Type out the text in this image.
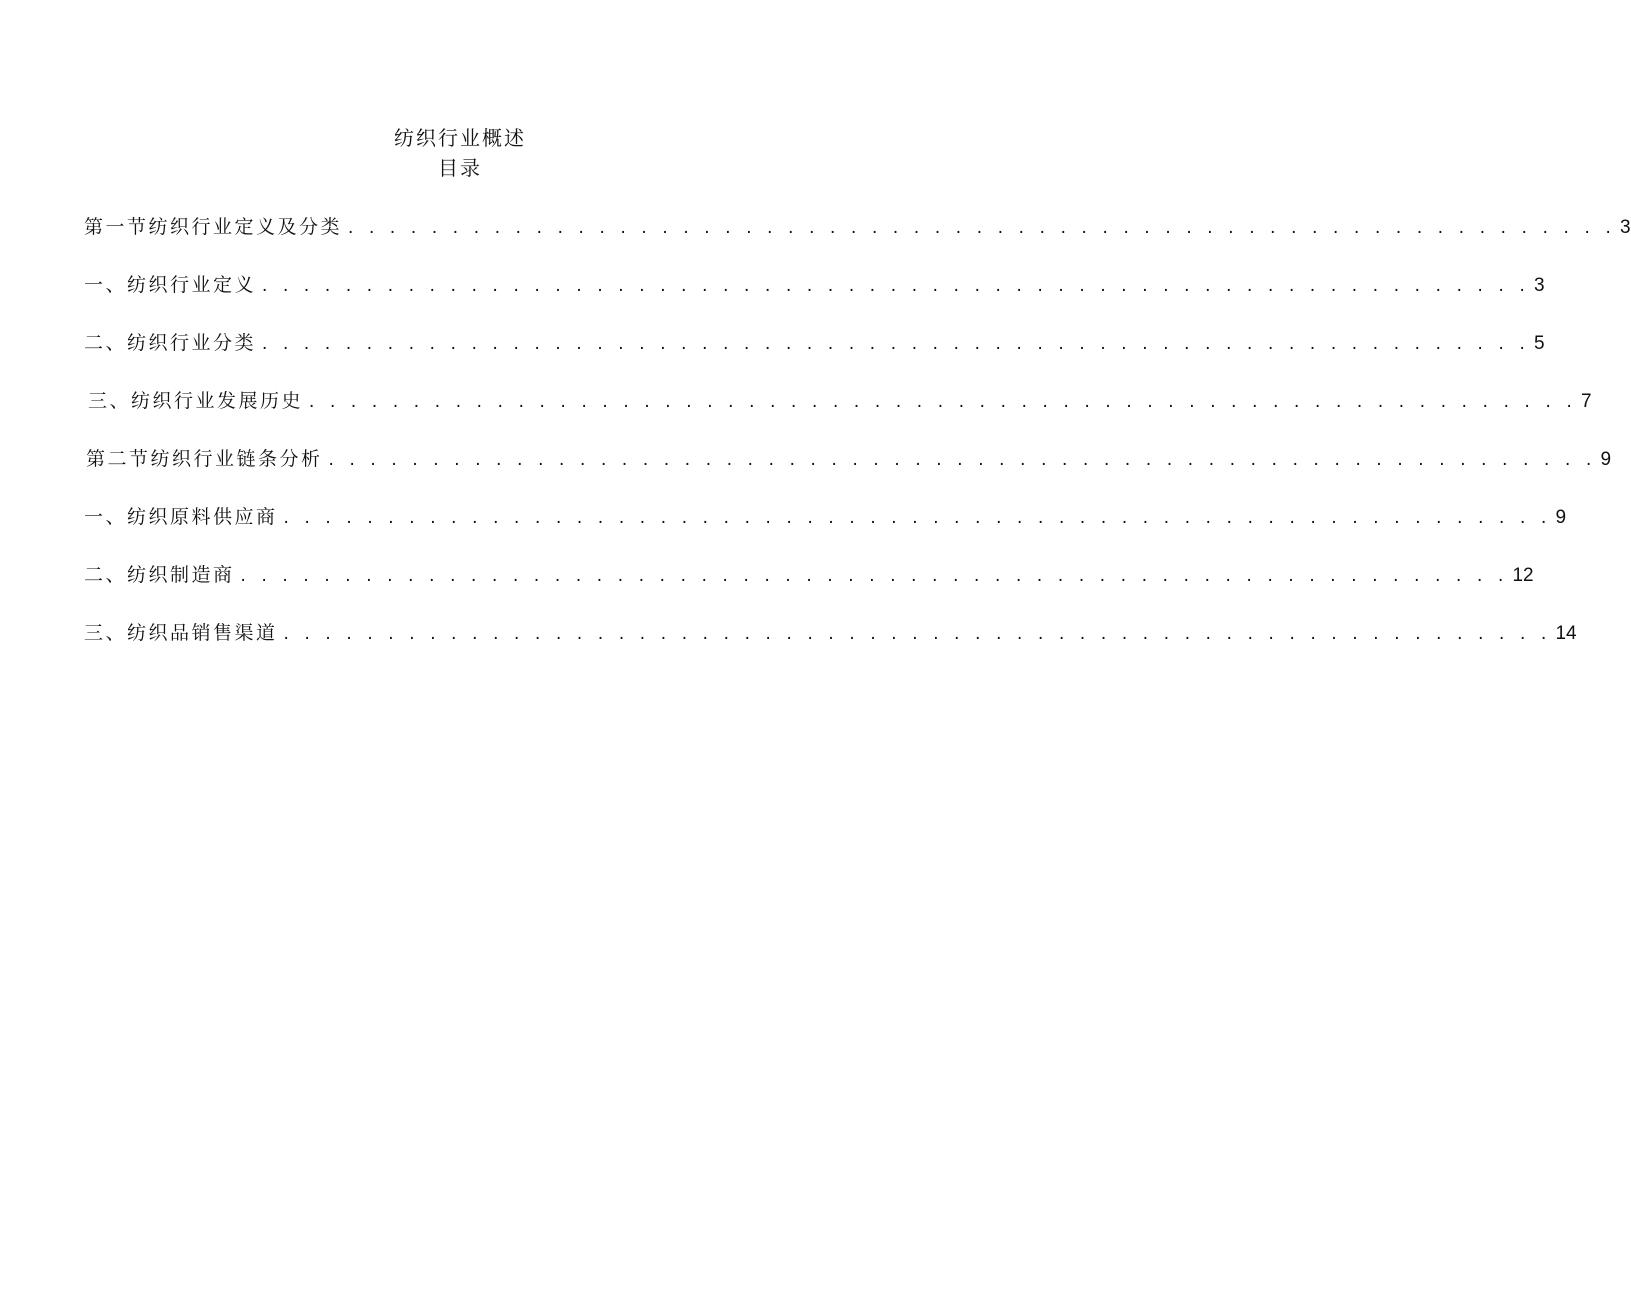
纺织行业概述
目录
第一节纺织行业定义及分类 . . . . . . . . . . . . . . . . . . . . . . . . . . . . . . . . . . . . . . . . . . . . . . . . . . . . . . . . . . . . . 3
一、纺织行业定义 . . . . . . . . . . . . . . . . . . . . . . . . . . . . . . . . . . . . . . . . . . . . . . . . . . . . . . . . . . . . . 3
二、纺织行业分类 . . . . . . . . . . . . . . . . . . . . . . . . . . . . . . . . . . . . . . . . . . . . . . . . . . . . . . . . . . . . . 5
三、纺织行业发展历史 . . . . . . . . . . . . . . . . . . . . . . . . . . . . . . . . . . . . . . . . . . . . . . . . . . . . . . . . . . . . . 7
第二节纺织行业链条分析 . . . . . . . . . . . . . . . . . . . . . . . . . . . . . . . . . . . . . . . . . . . . . . . . . . . . . . . . . . . . . 9
一、纺织原料供应商 . . . . . . . . . . . . . . . . . . . . . . . . . . . . . . . . . . . . . . . . . . . . . . . . . . . . . . . . . . . . . 9
二、纺织制造商 . . . . . . . . . . . . . . . . . . . . . . . . . . . . . . . . . . . . . . . . . . . . . . . . . . . . . . . . . . . . . 12
三、纺织品销售渠道 . . . . . . . . . . . . . . . . . . . . . . . . . . . . . . . . . . . . . . . . . . . . . . . . . . . . . . . . . . . . . 14
